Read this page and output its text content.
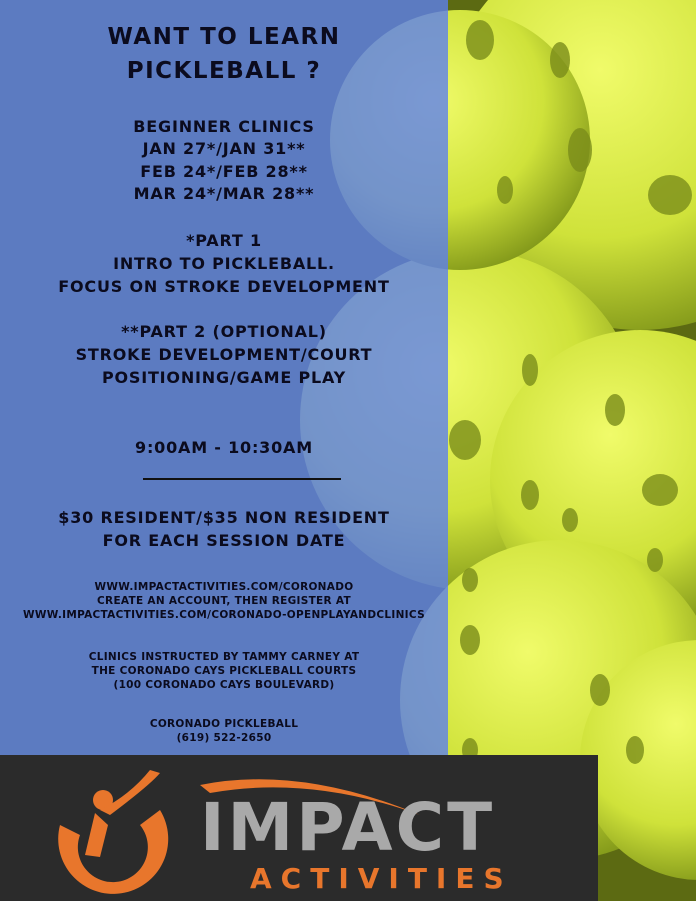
WANT TO LEARN
PICKLEBALL ?
BEGINNER CLINICS
JAN 27*/JAN 31**
FEB 24*/FEB 28**
MAR 24*/MAR 28**
*PART 1
INTRO TO PICKLEBALL.
FOCUS ON STROKE DEVELOPMENT
**PART 2 (OPTIONAL)
STROKE DEVELOPMENT/COURT
POSITIONING/GAME PLAY
9:00AM - 10:30AM
$30 RESIDENT/$35 NON RESIDENT
FOR EACH SESSION DATE
WWW.IMPACTACTIVITIES.COM/CORONADO
CREATE AN ACCOUNT, THEN REGISTER AT
WWW.IMPACTACTIVITIES.COM/CORONADO-OPENPLAYANDCLINICS
CLINICS INSTRUCTED BY TAMMY CARNEY AT
THE CORONADO CAYS PICKLEBALL COURTS
(100 CORONADO CAYS BOULEVARD)
CORONADO PICKLEBALL
(619) 522-2650
IMPACT
ACTIVITIES
